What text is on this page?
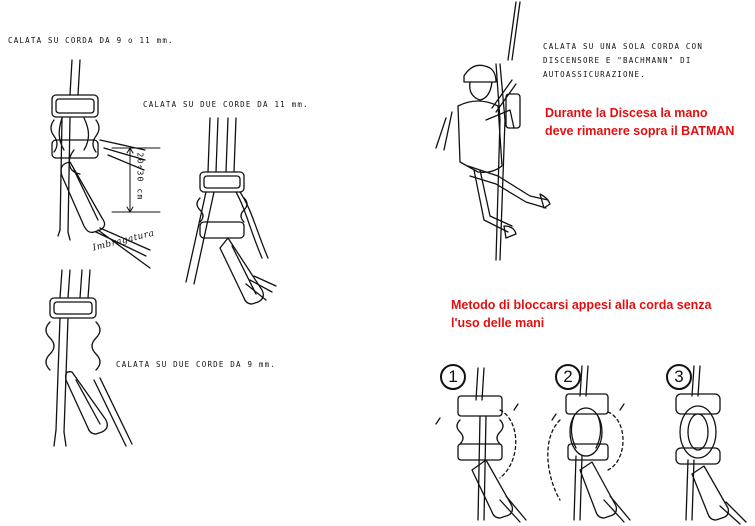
CALATA SU CORDA DA 9 o 11 mm.
CALATA SU DUE CORDE DA 11 mm.
CALATA SU DUE CORDE DA 9 mm.
CALATA SU UNA SOLA CORDA CON
DISCENSORE E "BACHMANN" DI
AUTOASSICURAZIONE.
Durante la Discesa la mano
deve rimanere sopra il BATMAN
Metodo di bloccarsi appesi alla corda senza
l'uso delle mani
20÷30 cm
Imbragatura
1	2	3
